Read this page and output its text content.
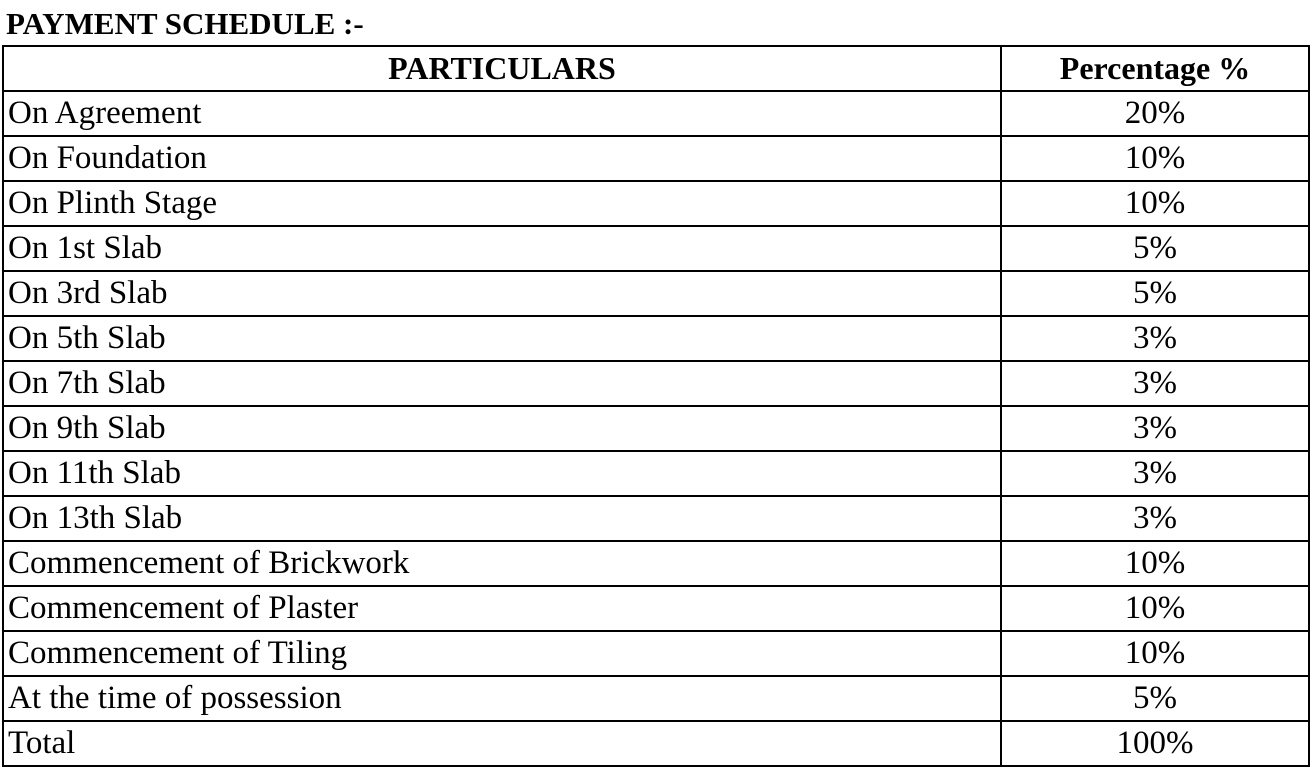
PAYMENT SCHEDULE :-
PARTICULARS	Percentage %
On Agreement	20%
On Foundation	10%
On Plinth Stage	10%
On 1st Slab	5%
On 3rd Slab	5%
On 5th Slab	3%
On 7th Slab	3%
On 9th Slab	3%
On 11th Slab	3%
On 13th Slab	3%
Commencement of Brickwork	10%
Commencement of Plaster	10%
Commencement of Tiling	10%
At the time of possession	5%
Total	100%
